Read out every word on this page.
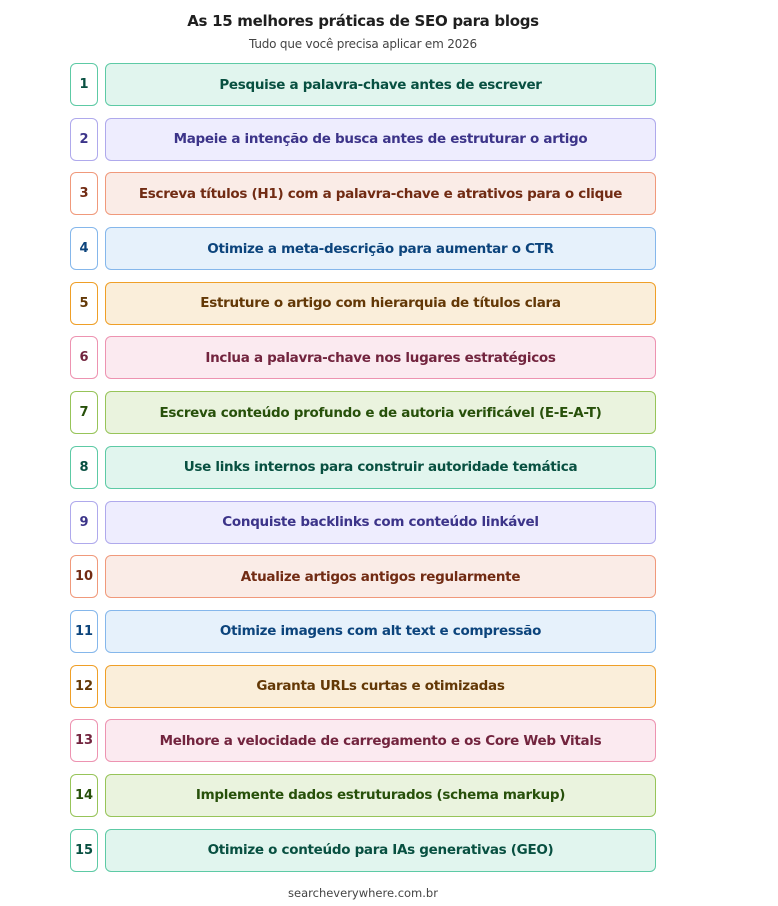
As 15 melhores práticas de SEO para blogs
Tudo que você precisa aplicar em 2026
1	Pesquise a palavra-chave antes de escrever
2	Mapeie a intenção de busca antes de estruturar o artigo
3	Escreva títulos (H1) com a palavra-chave e atrativos para o clique
4	Otimize a meta-descrição para aumentar o CTR
5	Estruture o artigo com hierarquia de títulos clara
6	Inclua a palavra-chave nos lugares estratégicos
7	Escreva conteúdo profundo e de autoria verificável (E-E-A-T)
8	Use links internos para construir autoridade temática
9	Conquiste backlinks com conteúdo linkável
10	Atualize artigos antigos regularmente
11	Otimize imagens com alt text e compressão
12	Garanta URLs curtas e otimizadas
13	Melhore a velocidade de carregamento e os Core Web Vitals
14	Implemente dados estruturados (schema markup)
15	Otimize o conteúdo para IAs generativas (GEO)
searcheverywhere.com.br
